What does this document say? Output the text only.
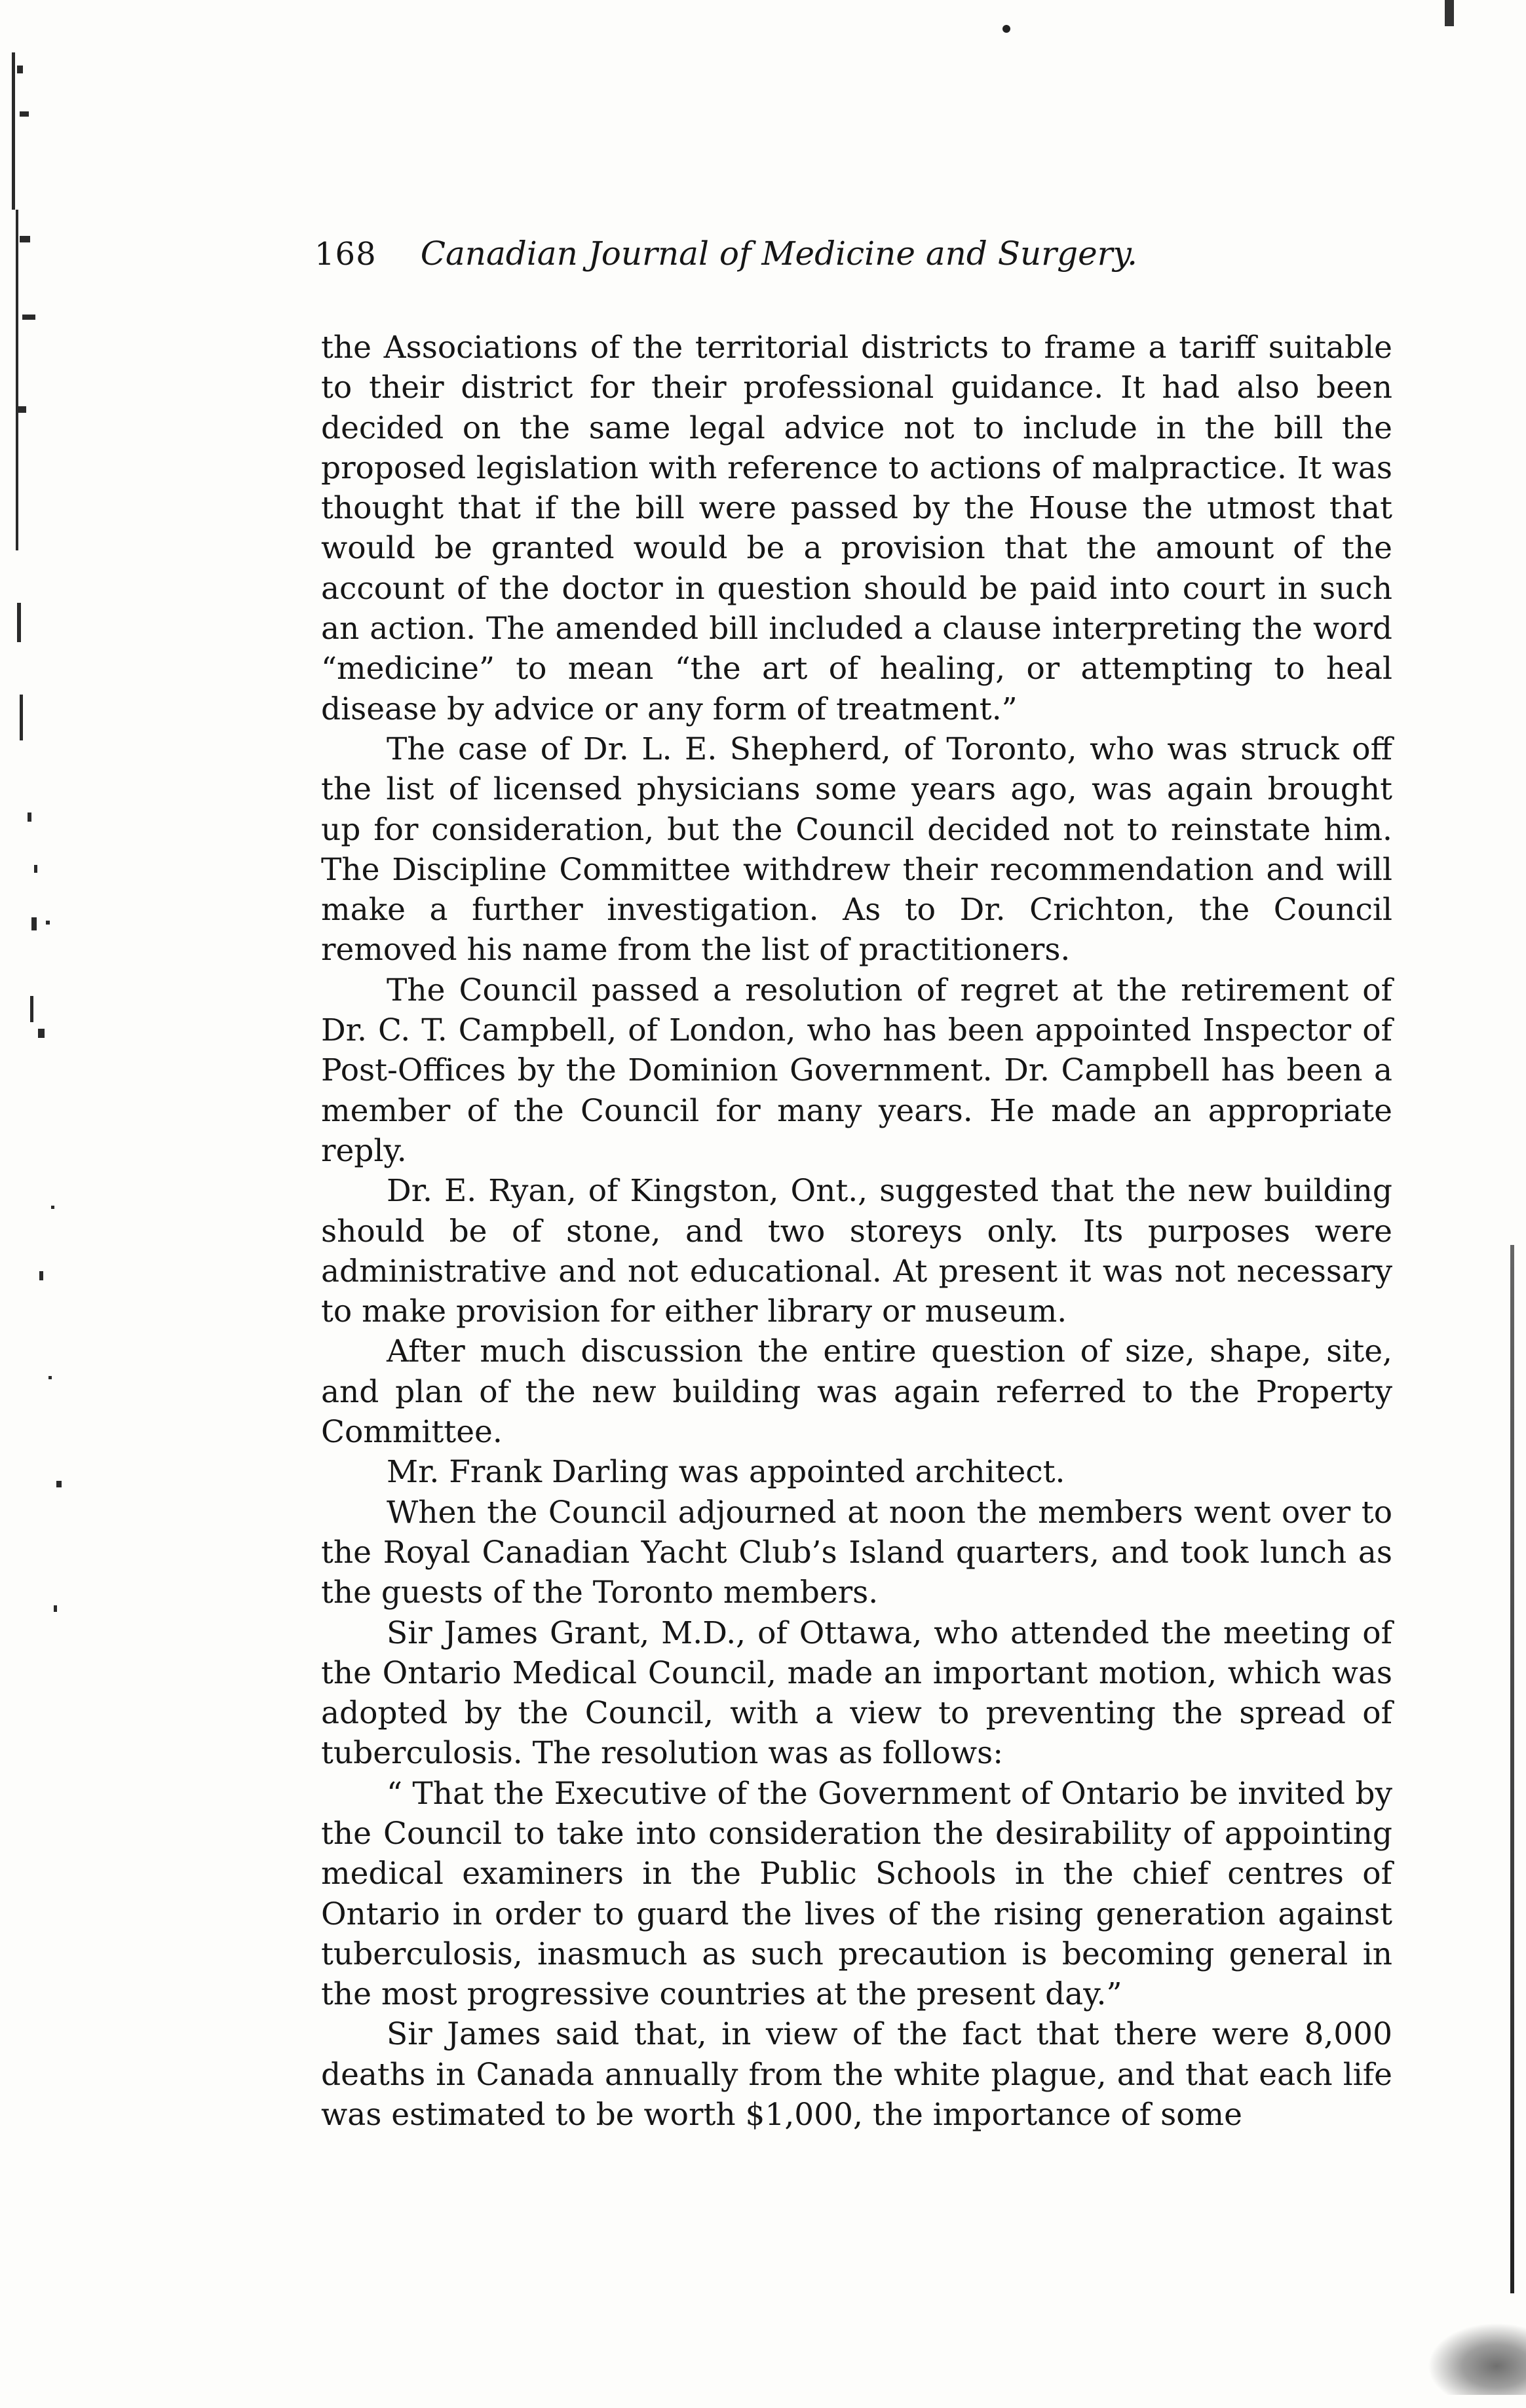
168 Canadian Journal of Medicine and Surgery.

the Associations of the territorial districts to frame a tariff suitable to their district for their professional guidance. It had also been decided on the same legal advice not to include in the bill the proposed legislation with reference to actions of malpractice. It was thought that if the bill were passed by the House the utmost that would be granted would be a provision that the amount of the account of the doctor in question should be paid into court in such an action. The amended bill included a clause interpreting the word “medicine” to mean “the art of healing, or attempting to heal disease by advice or any form of treatment.”

The case of Dr. L. E. Shepherd, of Toronto, who was struck off the list of licensed physicians some years ago, was again brought up for consideration, but the Council decided not to reinstate him. The Discipline Committee withdrew their recommendation and will make a further investigation. As to Dr. Crichton, the Council removed his name from the list of practitioners.

The Council passed a resolution of regret at the retirement of Dr. C. T. Campbell, of London, who has been appointed Inspector of Post-Offices by the Dominion Government. Dr. Campbell has been a member of the Council for many years. He made an appropriate reply.

Dr. E. Ryan, of Kingston, Ont., suggested that the new building should be of stone, and two storeys only. Its purposes were administrative and not educational. At present it was not necessary to make provision for either library or museum.

After much discussion the entire question of size, shape, site, and plan of the new building was again referred to the Property Committee.

Mr. Frank Darling was appointed architect.

When the Council adjourned at noon the members went over to the Royal Canadian Yacht Club’s Island quarters, and took lunch as the guests of the Toronto members.

Sir James Grant, M.D., of Ottawa, who attended the meeting of the Ontario Medical Council, made an important motion, which was adopted by the Council, with a view to preventing the spread of tuberculosis. The resolution was as follows:

“ That the Executive of the Government of Ontario be invited by the Council to take into consideration the desirability of appointing medical examiners in the Public Schools in the chief centres of Ontario in order to guard the lives of the rising generation against tuberculosis, inasmuch as such precaution is becoming general in the most progressive countries at the present day.”

Sir James said that, in view of the fact that there were 8,000 deaths in Canada annually from the white plague, and that each life was estimated to be worth $1,000, the importance of some
